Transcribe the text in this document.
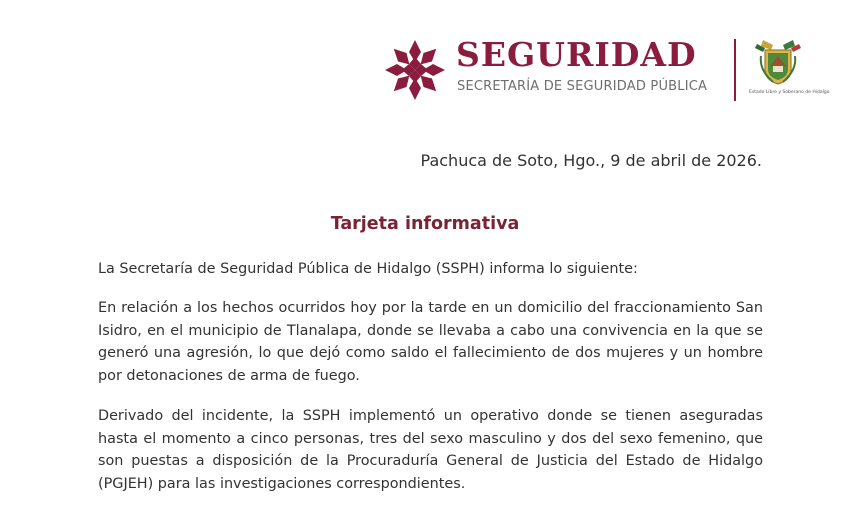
SEGURIDAD
SECRETARÍA DE SEGURIDAD PÚBLICA	Estado Libre y Soberano de Hidalgo
Pachuca de Soto, Hgo., 9 de abril de 2026.
Tarjeta informativa

La Secretaría de Seguridad Pública de Hidalgo (SSPH) informa lo siguiente:

En relación a los hechos ocurridos hoy por la tarde en un domicilio del fraccionamiento San Isidro, en el municipio de Tlanalapa, donde se llevaba a cabo una convivencia en la que se generó una agresión, lo que dejó como saldo el fallecimiento de dos mujeres y un hombre por detonaciones de arma de fuego.

Derivado del incidente, la SSPH implementó un operativo donde se tienen aseguradas hasta el momento a cinco personas, tres del sexo masculino y dos del sexo femenino, que son puestas a disposición de la Procuraduría General de Justicia del Estado de Hidalgo (PGJEH) para las investigaciones correspondientes.
